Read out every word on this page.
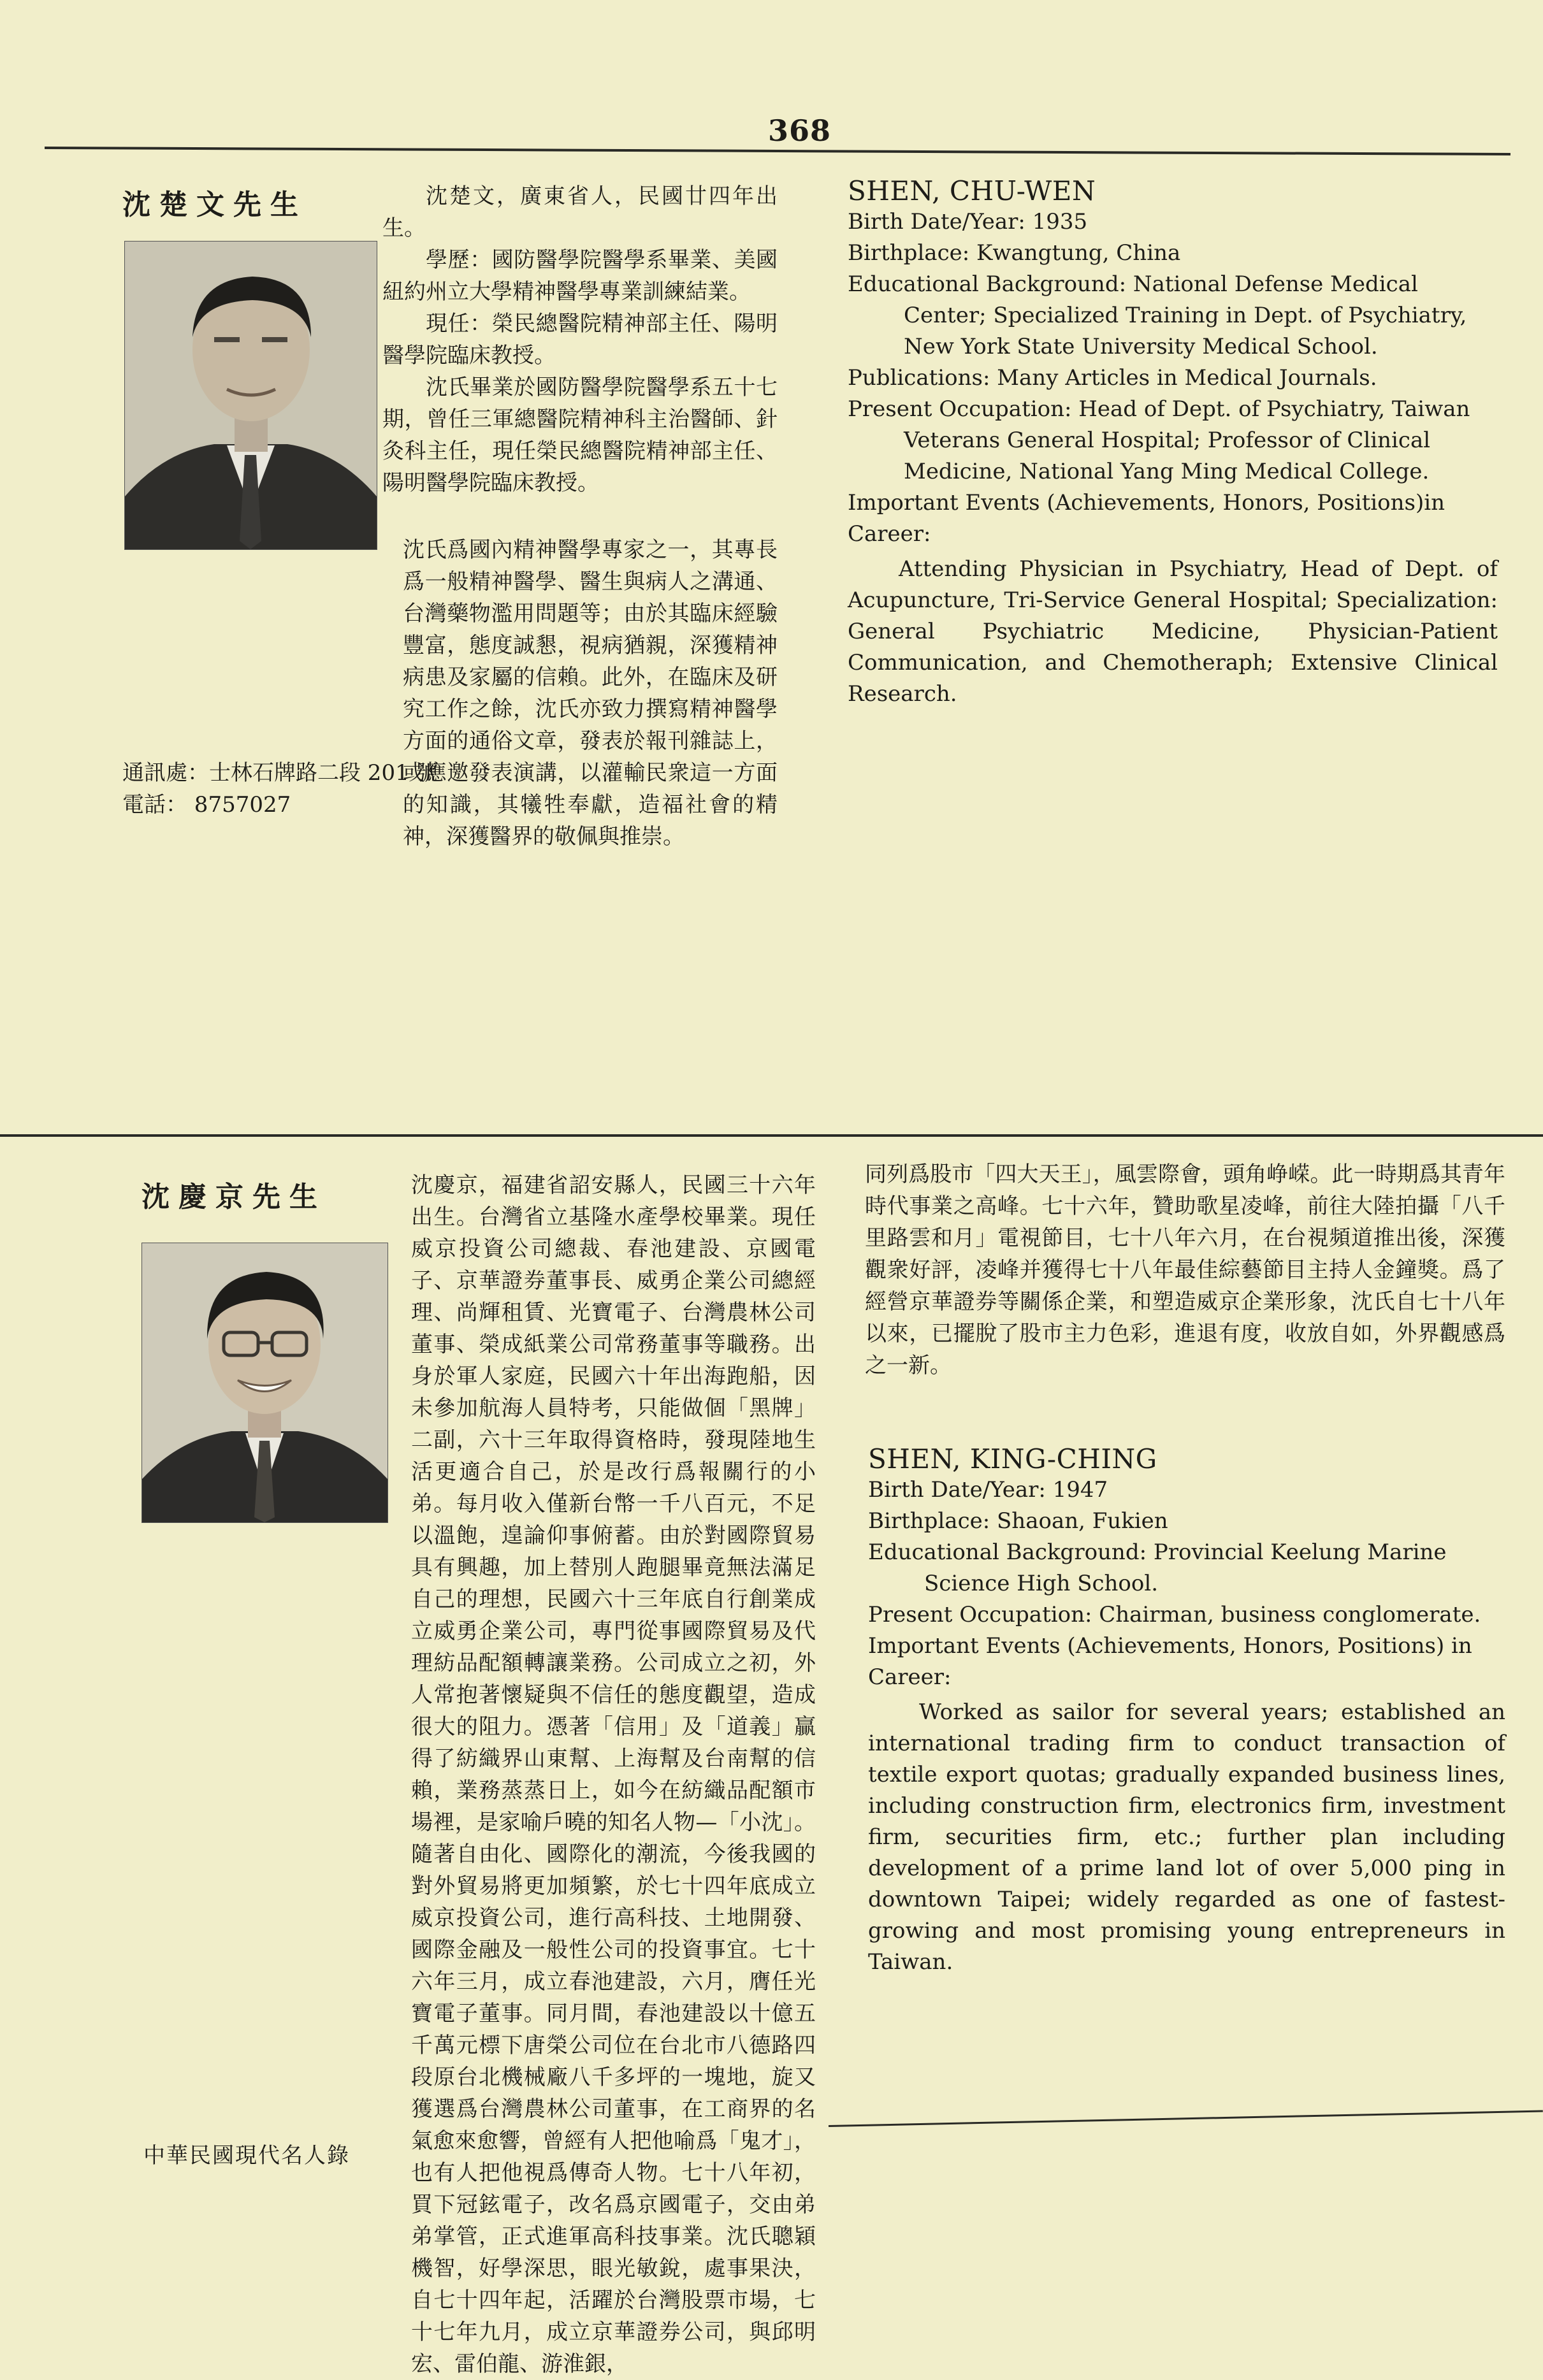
368
沈楚文先生	沈楚文，廣東省人，民國廿四年出生。

學歷：國防醫學院醫學系畢業、美國紐約州立大學精神醫學專業訓練結業。

現任：榮民總醫院精神部主任、陽明醫學院臨床教授。

沈氏畢業於國防醫學院醫學系五十七期，曾任三軍總醫院精神科主治醫師、針灸科主任，現任榮民總醫院精神部主任、陽明醫學院臨床教授。

沈氏爲國內精神醫學專家之一，其專長爲一般精神醫學、醫生與病人之溝通、台灣藥物濫用問題等；由於其臨床經驗豐富，態度誠懇，視病猶親，深獲精神病患及家屬的信賴。此外，在臨床及研究工作之餘，沈氏亦致力撰寫精神醫學方面的通俗文章，發表於報刊雜誌上，或應邀發表演講，以灌輸民衆這一方面的知識，其犧牲奉獻，造福社會的精神，深獲醫界的敬佩與推崇。

通訊處：士林石牌路二段 201 號
電話： 8757027
SHEN, CHU-WEN

Birth Date/Year: 1935

Birthplace: Kwangtung, China

Educational Background: National Defense Medical Center; Specialized Training in Dept. of Psychiatry, New York State University Medical School.

Publications: Many Articles in Medical Journals.

Present Occupation: Head of Dept. of Psychiatry, Taiwan Veterans General Hospital; Professor of Clinical Medicine, National Yang Ming Medical College.

Important Events (Achievements, Honors, Positions)in Career:

Attending Physician in Psychiatry, Head of Dept. of Acupuncture, Tri-Service General Hospital; Specialization: General Psychiatric Medicine, Physician-Patient Communication, and Chemotheraph; Extensive Clinical Research.

沈慶京先生	沈慶京，福建省詔安縣人，民國三十六年出生。台灣省立基隆水產學校畢業。現任威京投資公司總裁、春池建設、京國電子、京華證券董事長、威勇企業公司總經理、尚輝租賃、光寶電子、台灣農林公司董事、榮成紙業公司常務董事等職務。出身於軍人家庭，民國六十年出海跑船，因未參加航海人員特考，只能做個「黑牌」二副，六十三年取得資格時，發現陸地生活更適合自己，於是改行爲報關行的小弟。每月收入僅新台幣一千八百元，不足以溫飽，遑論仰事俯蓄。由於對國際貿易具有興趣，加上替別人跑腿畢竟無法滿足自己的理想，民國六十三年底自行創業成立威勇企業公司，專門從事國際貿易及代理紡品配額轉讓業務。公司成立之初，外人常抱著懷疑與不信任的態度觀望，造成很大的阻力。憑著「信用」及「道義」贏得了紡織界山東幫、上海幫及台南幫的信賴，業務蒸蒸日上，如今在紡織品配額市場裡，是家喻戶曉的知名人物—「小沈」。隨著自由化、國際化的潮流，今後我國的對外貿易將更加頻繁，於七十四年底成立威京投資公司，進行高科技、土地開發、國際金融及一般性公司的投資事宜。七十六年三月，成立春池建設，六月，膺任光寶電子董事。同月間，春池建設以十億五千萬元標下唐榮公司位在台北市八德路四段原台北機械廠八千多坪的一塊地，旋又獲選爲台灣農林公司董事，在工商界的名氣愈來愈響，曾經有人把他喻爲「鬼才」，也有人把他視爲傳奇人物。七十八年初，買下冠鉉電子，改名爲京國電子，交由弟弟掌管，正式進軍高科技事業。沈氏聰穎機智，好學深思，眼光敏銳，處事果決，自七十四年起，活躍於台灣股票市場，七十七年九月，成立京華證券公司，與邱明宏、雷伯龍、游淮銀，

同列爲股市「四大天王」，風雲際會，頭角峥嵘。此一時期爲其青年時代事業之高峰。七十六年，贊助歌星凌峰，前往大陸拍攝「八千里路雲和月」電視節目，七十八年六月，在台視頻道推出後，深獲觀衆好評，凌峰并獲得七十八年最佳綜藝節目主持人金鐘獎。爲了經營京華證券等關係企業，和塑造威京企業形象，沈氏自七十八年以來，已擺脫了股市主力色彩，進退有度，收放自如，外界觀感爲之一新。

SHEN, KING-CHING

Birth Date/Year: 1947

Birthplace: Shaoan, Fukien

Educational Background: Provincial Keelung Marine Science High School.

Present Occupation: Chairman, business conglomerate.

Important Events (Achievements, Honors, Positions) in Career:

Worked as sailor for several years; established an international trading firm to conduct transaction of textile export quotas; gradually expanded business lines, including construction firm, electronics firm, investment firm, securities firm, etc.; further plan including development of a prime land lot of over 5,000 ping in downtown Taipei; widely regarded as one of fastest-growing and most promising young entrepreneurs in Taiwan.

中華民國現代名人錄
